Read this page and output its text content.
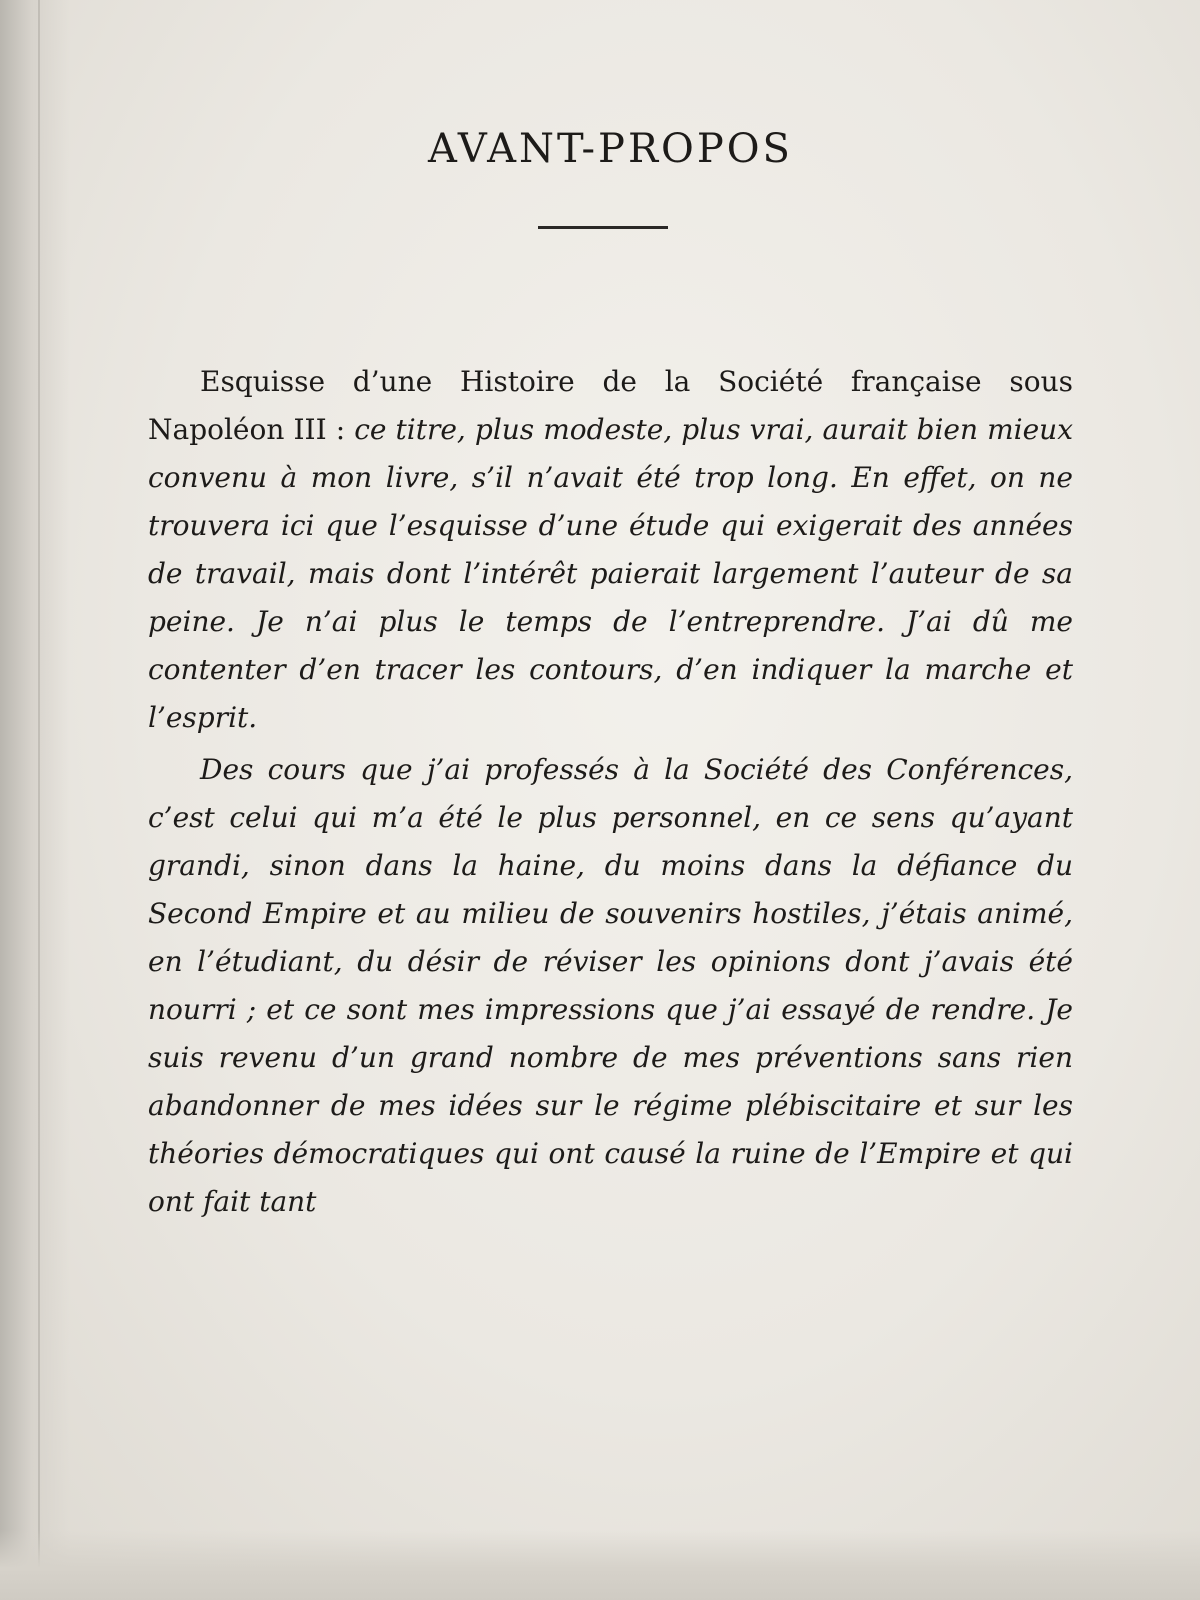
AVANT-PROPOS

Esquisse d’une Histoire de la Société française sous Napoléon III : ce titre, plus modeste, plus vrai, aurait bien mieux convenu à mon livre, s’il n’avait été trop long. En effet, on ne trouvera ici que l’esquisse d’une étude qui exigerait des années de travail, mais dont l’intérêt paierait largement l’auteur de sa peine. Je n’ai plus le temps de l’entreprendre. J’ai dû me contenter d’en tracer les contours, d’en indiquer la marche et l’esprit.

Des cours que j’ai professés à la Société des Conférences, c’est celui qui m’a été le plus personnel, en ce sens qu’ayant grandi, sinon dans la haine, du moins dans la défiance du Second Empire et au milieu de souvenirs hostiles, j’étais animé, en l’étudiant, du désir de réviser les opinions dont j’avais été nourri ; et ce sont mes impressions que j’ai essayé de rendre. Je suis revenu d’un grand nombre de mes préventions sans rien abandonner de mes idées sur le régime plébiscitaire et sur les théories démocratiques qui ont causé la ruine de l’Empire et qui ont fait tant
